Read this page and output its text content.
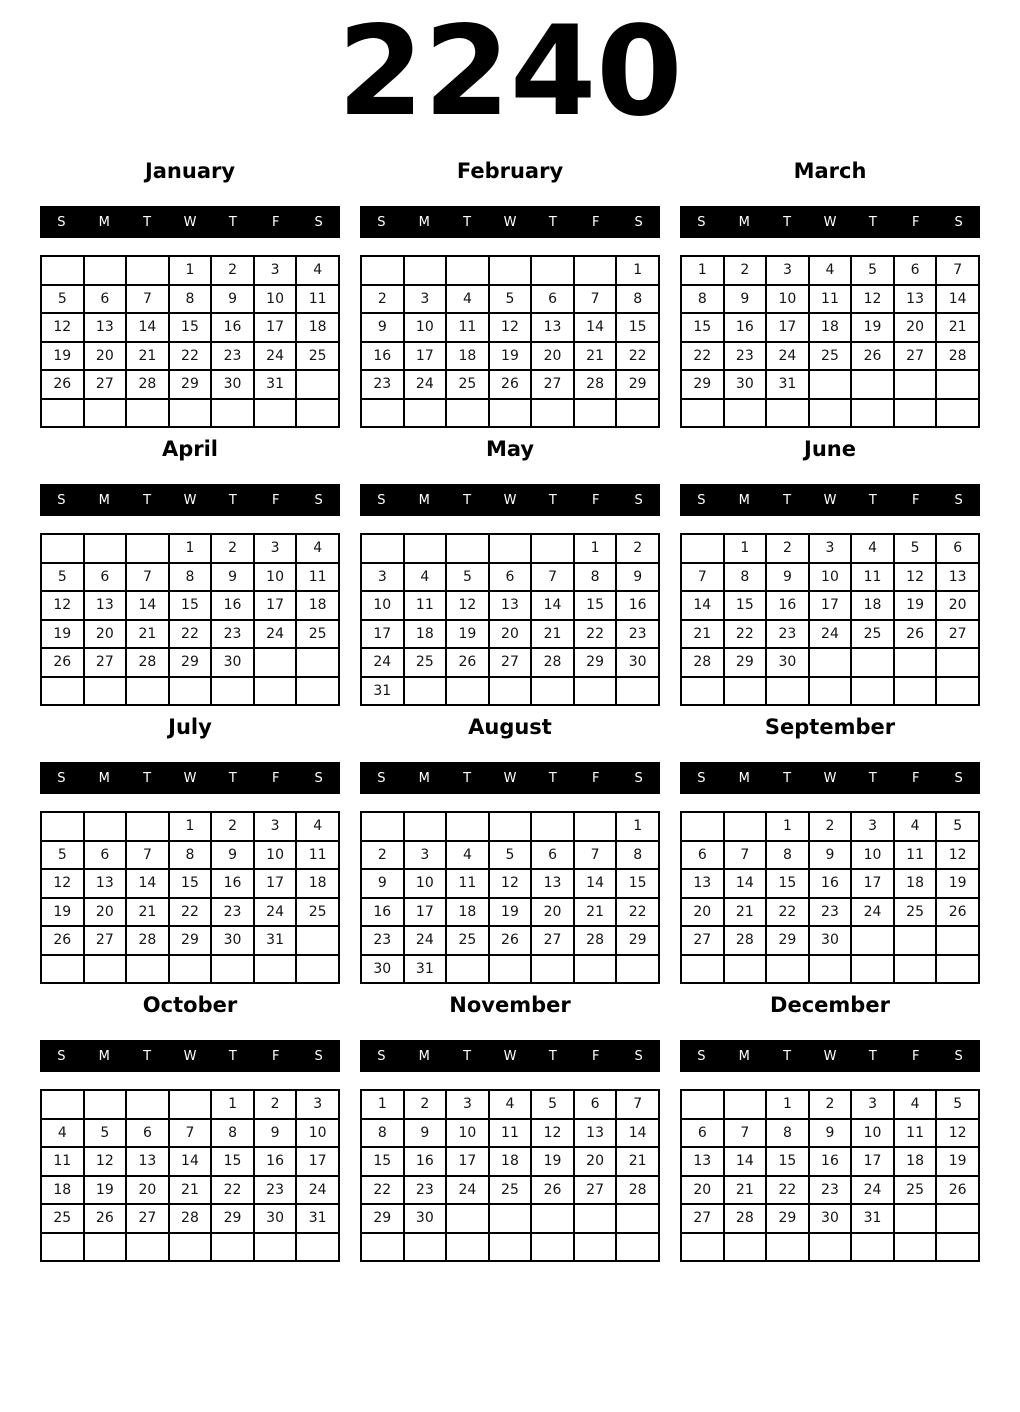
2240
January
S	M	T	W	T	F	S
			1	2	3	4
5	6	7	8	9	10	11
12	13	14	15	16	17	18
19	20	21	22	23	24	25
26	27	28	29	30	31	

February
S	M	T	W	T	F	S
						1
2	3	4	5	6	7	8
9	10	11	12	13	14	15
16	17	18	19	20	21	22
23	24	25	26	27	28	29

March
S	M	T	W	T	F	S
1	2	3	4	5	6	7
8	9	10	11	12	13	14
15	16	17	18	19	20	21
22	23	24	25	26	27	28
29	30	31				

April
S	M	T	W	T	F	S
			1	2	3	4
5	6	7	8	9	10	11
12	13	14	15	16	17	18
19	20	21	22	23	24	25
26	27	28	29	30		

May
S	M	T	W	T	F	S
					1	2
3	4	5	6	7	8	9
10	11	12	13	14	15	16
17	18	19	20	21	22	23
24	25	26	27	28	29	30
31						
June
S	M	T	W	T	F	S
	1	2	3	4	5	6
7	8	9	10	11	12	13
14	15	16	17	18	19	20
21	22	23	24	25	26	27
28	29	30				

July
S	M	T	W	T	F	S
			1	2	3	4
5	6	7	8	9	10	11
12	13	14	15	16	17	18
19	20	21	22	23	24	25
26	27	28	29	30	31	

August
S	M	T	W	T	F	S
						1
2	3	4	5	6	7	8
9	10	11	12	13	14	15
16	17	18	19	20	21	22
23	24	25	26	27	28	29
30	31					
September
S	M	T	W	T	F	S
		1	2	3	4	5
6	7	8	9	10	11	12
13	14	15	16	17	18	19
20	21	22	23	24	25	26
27	28	29	30			

October
S	M	T	W	T	F	S
				1	2	3
4	5	6	7	8	9	10
11	12	13	14	15	16	17
18	19	20	21	22	23	24
25	26	27	28	29	30	31

November
S	M	T	W	T	F	S
1	2	3	4	5	6	7
8	9	10	11	12	13	14
15	16	17	18	19	20	21
22	23	24	25	26	27	28
29	30					

December
S	M	T	W	T	F	S
		1	2	3	4	5
6	7	8	9	10	11	12
13	14	15	16	17	18	19
20	21	22	23	24	25	26
27	28	29	30	31		
